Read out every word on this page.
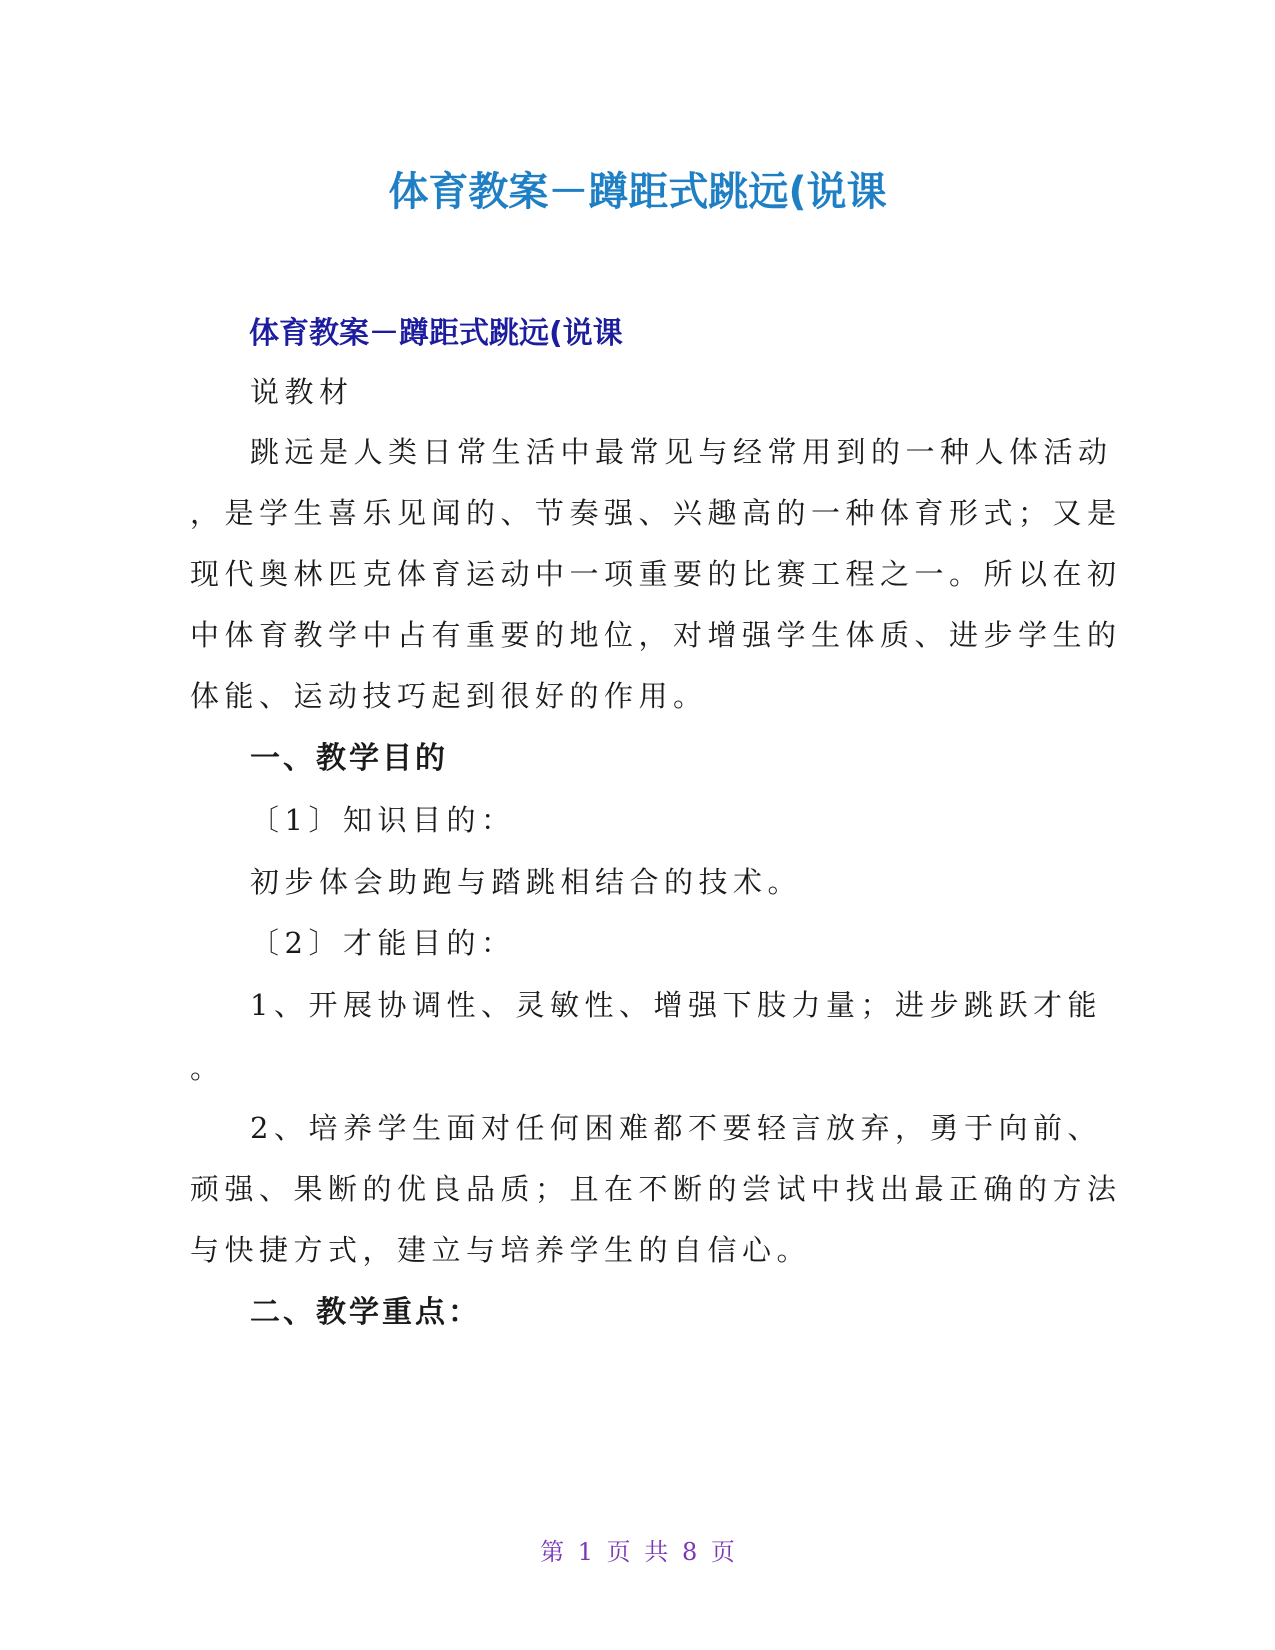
体育教案－蹲距式跳远(说课
体育教案－蹲距式跳远(说课
说教材
跳远是人类日常生活中最常见与经常用到的一种人体活动
，是学生喜乐见闻的、节奏强、兴趣高的一种体育形式；又是
现代奥林匹克体育运动中一项重要的比赛工程之一。所以在初
中体育教学中占有重要的地位，对增强学生体质、进步学生的
体能、运动技巧起到很好的作用。
一、教学目的
〔1〕知识目的：
初步体会助跑与踏跳相结合的技术。
〔2〕才能目的：
1、开展协调性、灵敏性、增强下肢力量；进步跳跃才能
。
2、培养学生面对任何困难都不要轻言放弃，勇于向前、
顽强、果断的优良品质；且在不断的尝试中找出最正确的方法
与快捷方式，建立与培养学生的自信心。
二、教学重点：
第 1 页 共 8 页
